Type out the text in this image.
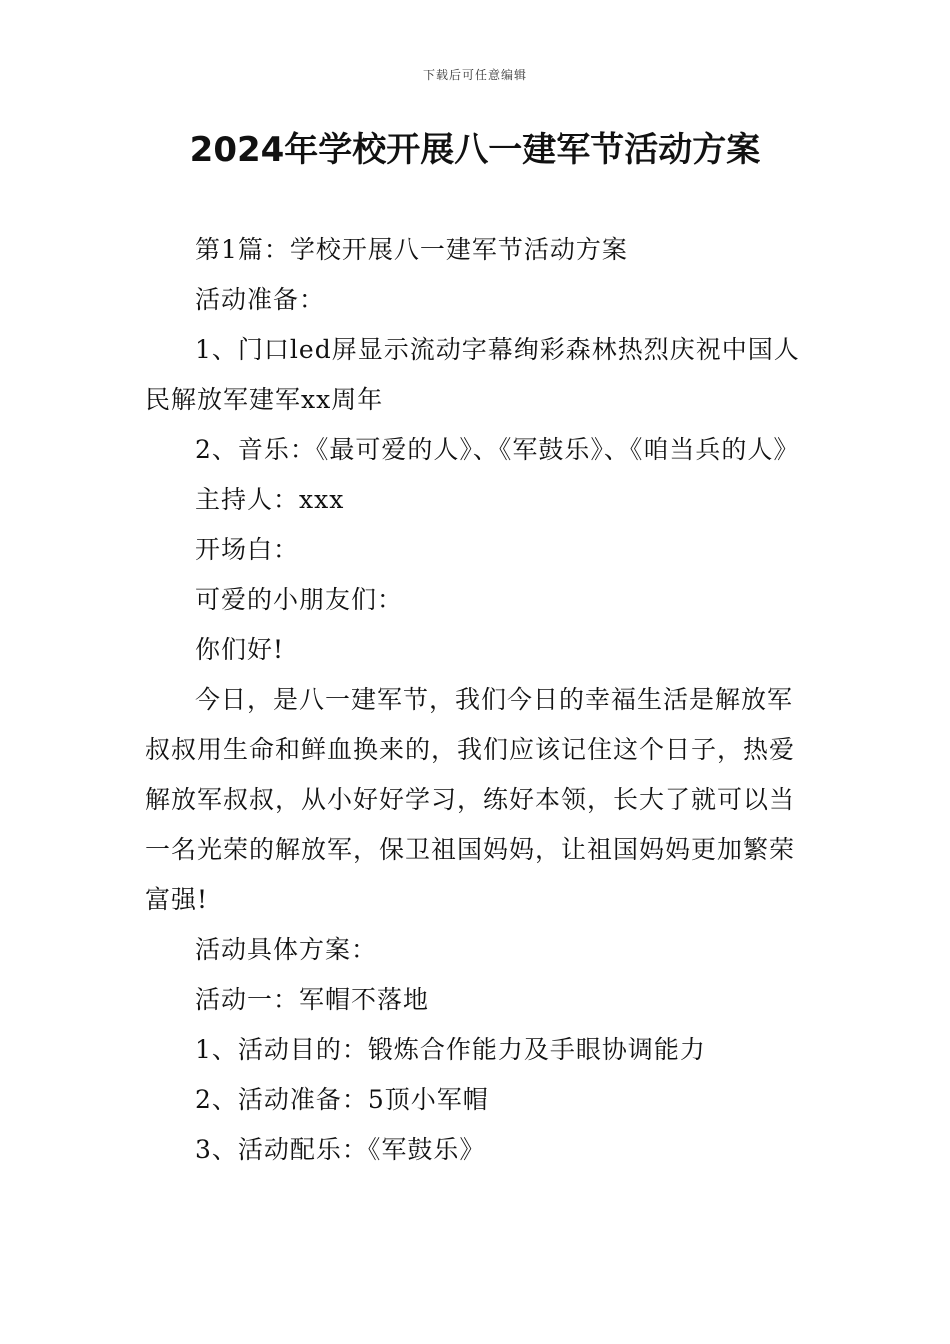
下载后可任意编辑
2024年学校开展八一建军节活动方案

第1篇：学校开展八一建军节活动方案

活动准备：

1、门口led屏显示流动字幕绚彩森林热烈庆祝中国人民解放军建军xx周年

2、音乐：《最可爱的人》、《军鼓乐》、《咱当兵的人》

主持人：xxx

开场白：

可爱的小朋友们：

你们好!

今日，是八一建军节，我们今日的幸福生活是解放军叔叔用生命和鲜血换来的，我们应该记住这个日子，热爱解放军叔叔，从小好好学习，练好本领，长大了就可以当一名光荣的解放军，保卫祖国妈妈，让祖国妈妈更加繁荣富强!

活动具体方案：

活动一：军帽不落地

1、活动目的：锻炼合作能力及手眼协调能力

2、活动准备：5顶小军帽

3、活动配乐：《军鼓乐》
